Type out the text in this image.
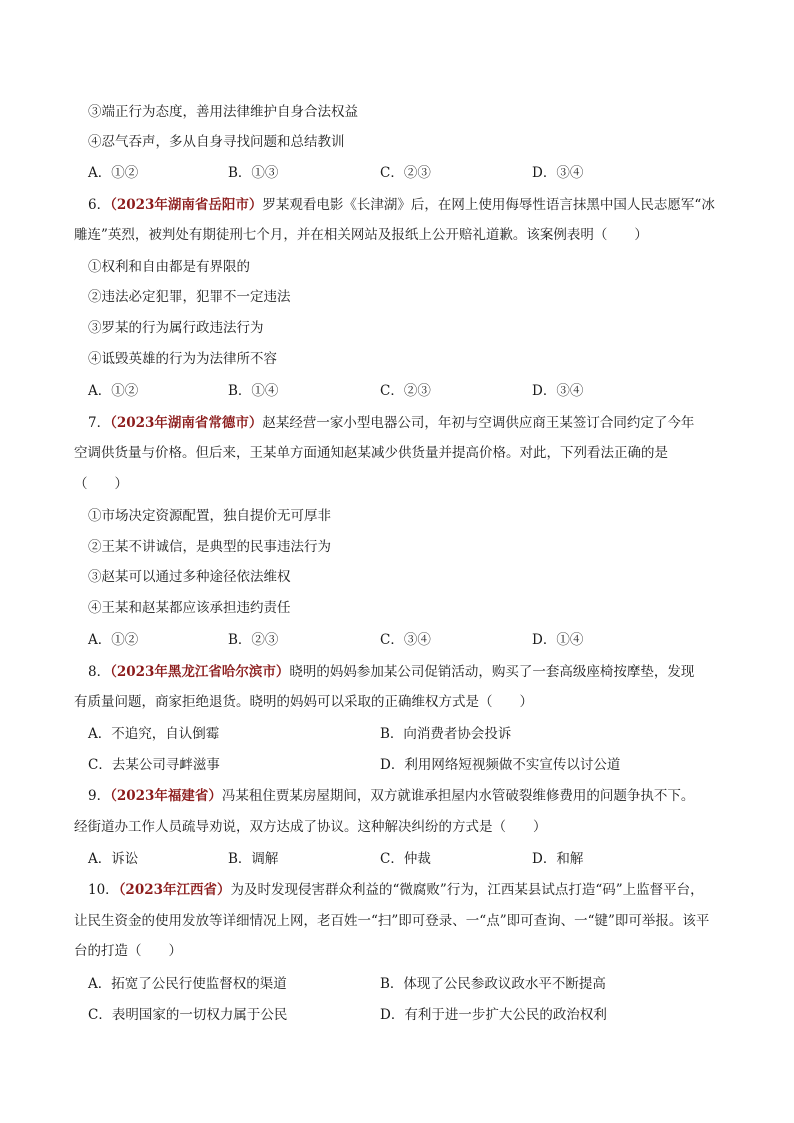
③端正行为态度，善用法律维护自身合法权益
④忍气吞声，多从自身寻找问题和总结教训
A．①②	B．①③	C．②③	D．③④
6．（2023年湖南省岳阳市）罗某观看电影《长津湖》后，在网上使用侮辱性语言抹黑中国人民志愿军“冰
雕连”英烈，被判处有期徒刑七个月，并在相关网站及报纸上公开赔礼道歉。该案例表明（　　）
①权利和自由都是有界限的
②违法必定犯罪，犯罪不一定违法
③罗某的行为属行政违法行为
④诋毁英雄的行为为法律所不容
A．①②	B．①④	C．②③	D．③④
7．（2023年湖南省常德市）赵某经营一家小型电器公司，年初与空调供应商王某签订合同约定了今年
空调供货量与价格。但后来，王某单方面通知赵某减少供货量并提高价格。对此，下列看法正确的是
（　　）
①市场决定资源配置，独自提价无可厚非
②王某不讲诚信，是典型的民事违法行为
③赵某可以通过多种途径依法维权
④王某和赵某都应该承担违约责任
A．①②	B．②③	C．③④	D．①④
8．（2023年黑龙江省哈尔滨市）晓明的妈妈参加某公司促销活动，购买了一套高级座椅按摩垫，发现
有质量问题，商家拒绝退货。晓明的妈妈可以采取的正确维权方式是（　　）
A．不追究，自认倒霉	B．向消费者协会投诉
C．去某公司寻衅滋事	D．利用网络短视频做不实宣传以讨公道
9．（2023年福建省）冯某租住贾某房屋期间，双方就谁承担屋内水管破裂维修费用的问题争执不下。
经街道办工作人员疏导劝说，双方达成了协议。这种解决纠纷的方式是（　　）
A．诉讼	B．调解	C．仲裁	D．和解
10．（2023年江西省）为及时发现侵害群众利益的“微腐败”行为，江西某县试点打造“码”上监督平台，
让民生资金的使用发放等详细情况上网，老百姓一“扫”即可登录、一“点”即可查询、一“键”即可举报。该平
台的打造（　　）
A．拓宽了公民行使监督权的渠道	B．体现了公民参政议政水平不断提高
C．表明国家的一切权力属于公民	D．有利于进一步扩大公民的政治权利
